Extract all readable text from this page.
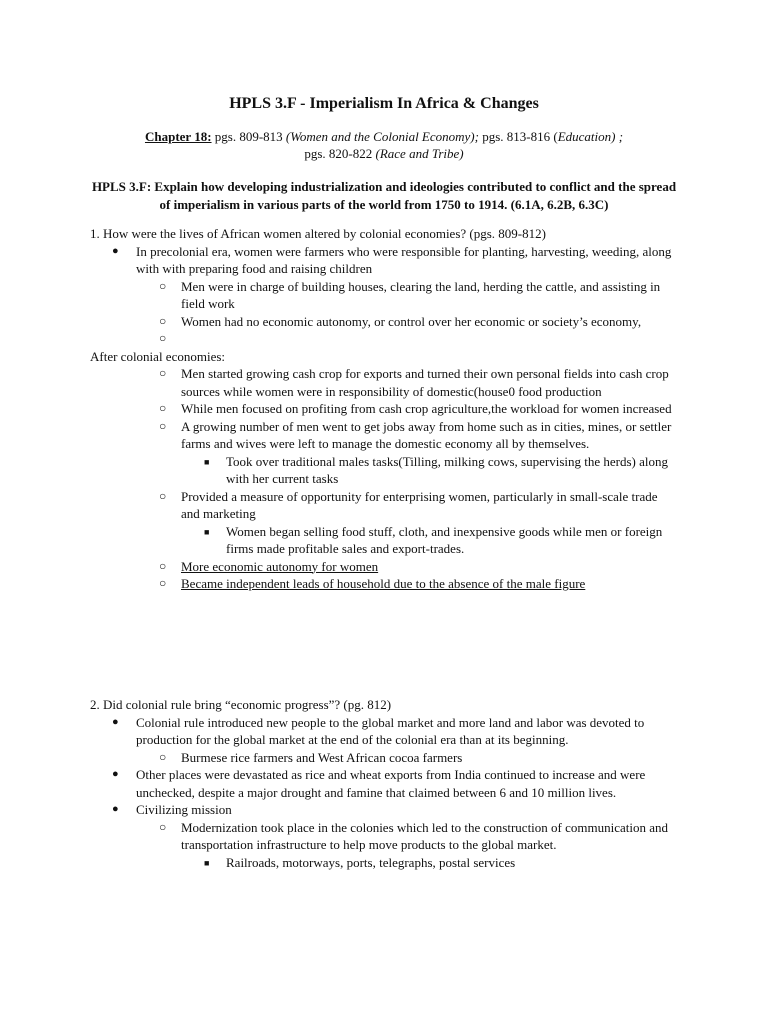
HPLS 3.F - Imperialism In Africa & Changes
Chapter 18: pgs. 809-813 (Women and the Colonial Economy); pgs. 813-816 (Education) ;
pgs. 820-822 (Race and Tribe)
HPLS 3.F: Explain how developing industrialization and ideologies contributed to conflict and the spread of imperialism in various parts of the world from 1750 to 1914. (6.1A, 6.2B, 6.3C)
1. How were the lives of African women altered by colonial economies? (pgs. 809-812)
● In precolonial era, women were farmers who were responsible for planting, harvesting, weeding, along with with preparing food and raising children
○ Men were in charge of building houses, clearing the land, herding the cattle, and assisting in field work
○ Women had no economic autonomy, or control over her economic or society’s economy,
○
After colonial economies:
○ Men started growing cash crop for exports and turned their own personal fields into cash crop sources while women were in responsibility of domestic(house0 food production
○ While men focused on profiting from cash crop agriculture,the workload for women increased
○ A growing number of men went to get jobs away from home such as in cities, mines, or settler farms and wives were left to manage the domestic economy all by themselves.
■ Took over traditional males tasks(Tilling, milking cows, supervising the herds) along with her current tasks
○ Provided a measure of opportunity for enterprising women, particularly in small-scale trade and marketing
■ Women began selling food stuff, cloth, and inexpensive goods while men or foreign firms made profitable sales and export-trades.
○ More economic autonomy for women
○ Became independent leads of household due to the absence of the male figure
2. Did colonial rule bring “economic progress”? (pg. 812)
● Colonial rule introduced new people to the global market and more land and labor was devoted to production for the global market at the end of the colonial era than at its beginning.
○ Burmese rice farmers and West African cocoa farmers
● Other places were devastated as rice and wheat exports from India continued to increase and were unchecked, despite a major drought and famine that claimed between 6 and 10 million lives.
● Civilizing mission
○ Modernization took place in the colonies which led to the construction of communication and transportation infrastructure to help move products to the global market.
■ Railroads, motorways, ports, telegraphs, postal services
